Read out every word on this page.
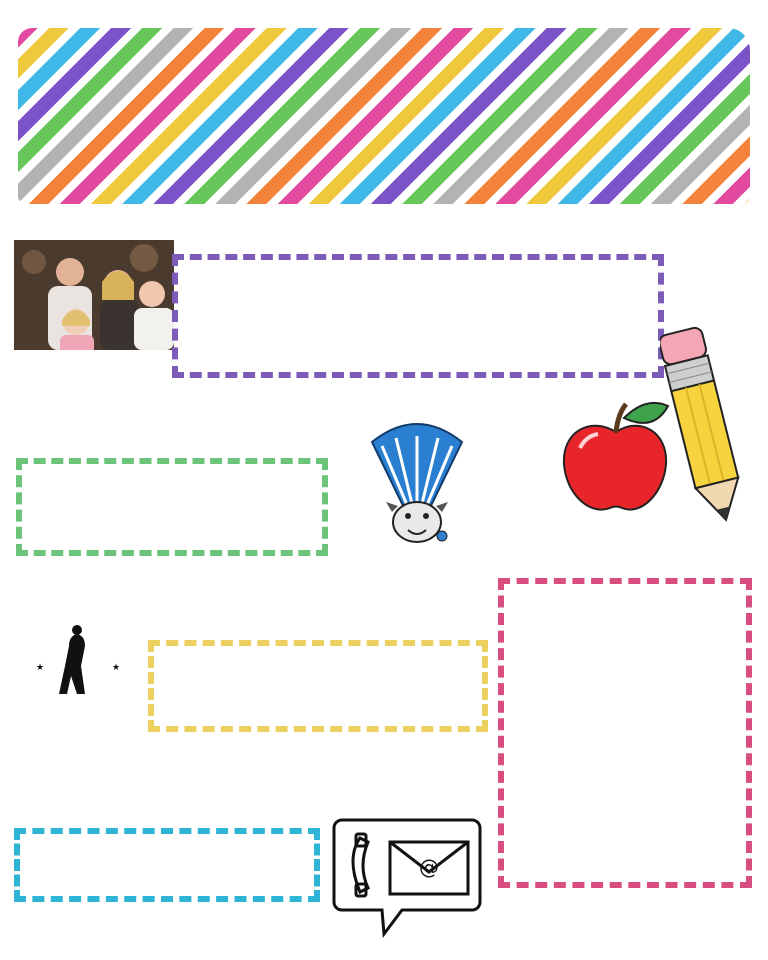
★	★
@
